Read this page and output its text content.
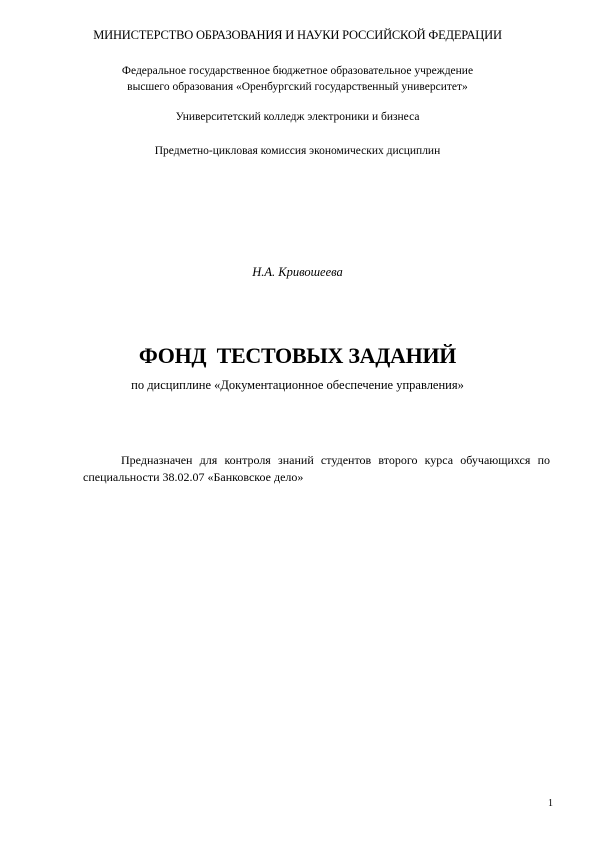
МИНИСТЕРСТВО ОБРАЗОВАНИЯ И НАУКИ РОССИЙСКОЙ ФЕДЕРАЦИИ
Федеральное государственное бюджетное образовательное учреждение
высшего образования «Оренбургский государственный университет»
Университетский колледж электроники и бизнеса
Предметно-цикловая комиссия экономических дисциплин
Н.А. Кривошеева
ФОНД  ТЕСТОВЫХ ЗАДАНИЙ
по дисциплине «Документационное обеспечение управления»
Предназначен для контроля знаний студентов второго курса обучающихся по специальности 38.02.07 «Банковское дело»
1
